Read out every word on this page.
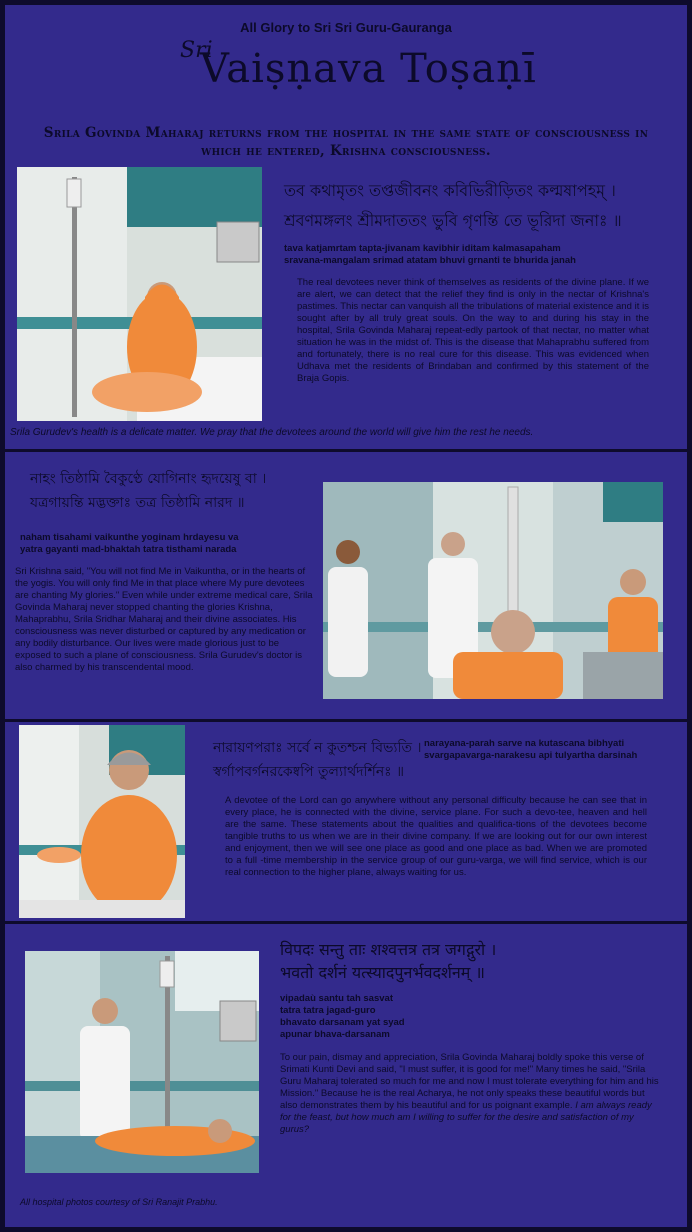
All Glory to Sri Sri Guru-Gauranga
Sri
Vaiṣṇava Toṣaṇī
Srila Govinda Maharaj returns from the hospital in the same state of consciousness in which he entered, Krishna consciousness.
তব কথামৃতং তপ্তজীবনং কবিভিরীড়িতং কল্মষাপহম্ ।
শ্রবণমঙ্গলং শ্রীমদাততং ভুবি গৃণন্তি তে ভূরিদা জনাঃ ॥
tava katjamrtam tapta-jivanam kavibhir iditam kalmasapaham
sravana-mangalam srimad atatam bhuvi grnanti te bhurida janah
The real devotees never think of themselves as residents of the divine plane. If we are alert, we can detect that the relief they find is only in the nectar of Krishna's pastimes. This nectar can vanquish all the tribulations of material existence and it is sought after by all truly great souls. On the way to and during his stay in the hospital, Srila Govinda Maharaj repeat-edly partook of that nectar, no matter what situation he was in the midst of. This is the disease that Mahaprabhu suffered from and fortunately, there is no real cure for this disease. This was evidenced when Udhava met the residents of Brindaban and confirmed by this statement of the Braja Gopis.
Srila Gurudev's health is a delicate matter. We pray that the devotees around the world will give him the rest he needs.
নাহং তিষ্ঠামি বৈকুণ্ঠে যোগিনাং হৃদয়েষু বা ।
যত্রগায়ন্তি মদ্ভক্তাঃ তত্র তিষ্ঠামি নারদ ॥
naham tisahami vaikunthe yoginam hrdayesu va
yatra gayanti mad-bhaktah tatra tisthami narada
Sri Krishna said, "You will not find Me in Vaikuntha, or in the hearts of the yogis. You will only find Me in that place where My pure devotees are chanting My glories." Even while under extreme medical care, Srila Govinda Maharaj never stopped chanting the glories Krishna, Mahaprabhu, Srila Sridhar Maharaj and their divine associates. His consciousness was never disturbed or captured by any medication or any bodily disturbance. Our lives were made glorious just to be exposed to such a plane of consciousness. Srila Gurudev's doctor is also charmed by his transcendental mood.
নারায়ণপরাঃ সর্বে ন কুতশ্চন বিভ্যতি ।
স্বর্গাপবর্গনরকেষ্বপি তুল্যার্থদর্শিনঃ ॥
narayana-parah sarve na kutascana bibhyati
svargapavarga-narakesu api tulyartha darsinah
A devotee of the Lord can go anywhere without any personal difficulty because he can see that in every place, he is connected with the divine, service plane. For such a devo-tee, heaven and hell are the same. These statements about the qualities and qualifica-tions of the devotees become tangible truths to us when we are in their divine company. If we are looking out for our own interest and enjoyment, then we will see one place as good and one place as bad. When we are promoted to a full -time membership in the service group of our guru-varga, we will find service, which is our real connection to the higher plane, always waiting for us.
विपदः सन्तु ताः शश्वत्तत्र तत्र जगद्गुरो ।
भवतो दर्शनं यत्स्यादपुनर्भवदर्शनम् ॥
vipadaù santu tah sasvat
tatra tatra jagad-guro
bhavato darsanam yat syad
apunar bhava-darsanam
To our pain, dismay and appreciation, Srila Govinda Maharaj boldly spoke this verse of Srimati Kunti Devi and said, "I must suffer, it is good for me!" Many times he said, "Srila Guru Maharaj tolerated so much for me and now I must tolerate everything for him and his Mission." Because he is the real Acharya, he not only speaks these beautiful words but also demonstrates them by his beautiful and for us poignant example. I am always ready for the feast, but how much am I willing to suffer for the desire and satisfaction of my gurus?
All hospital photos courtesy of Sri Ranajit Prabhu.
